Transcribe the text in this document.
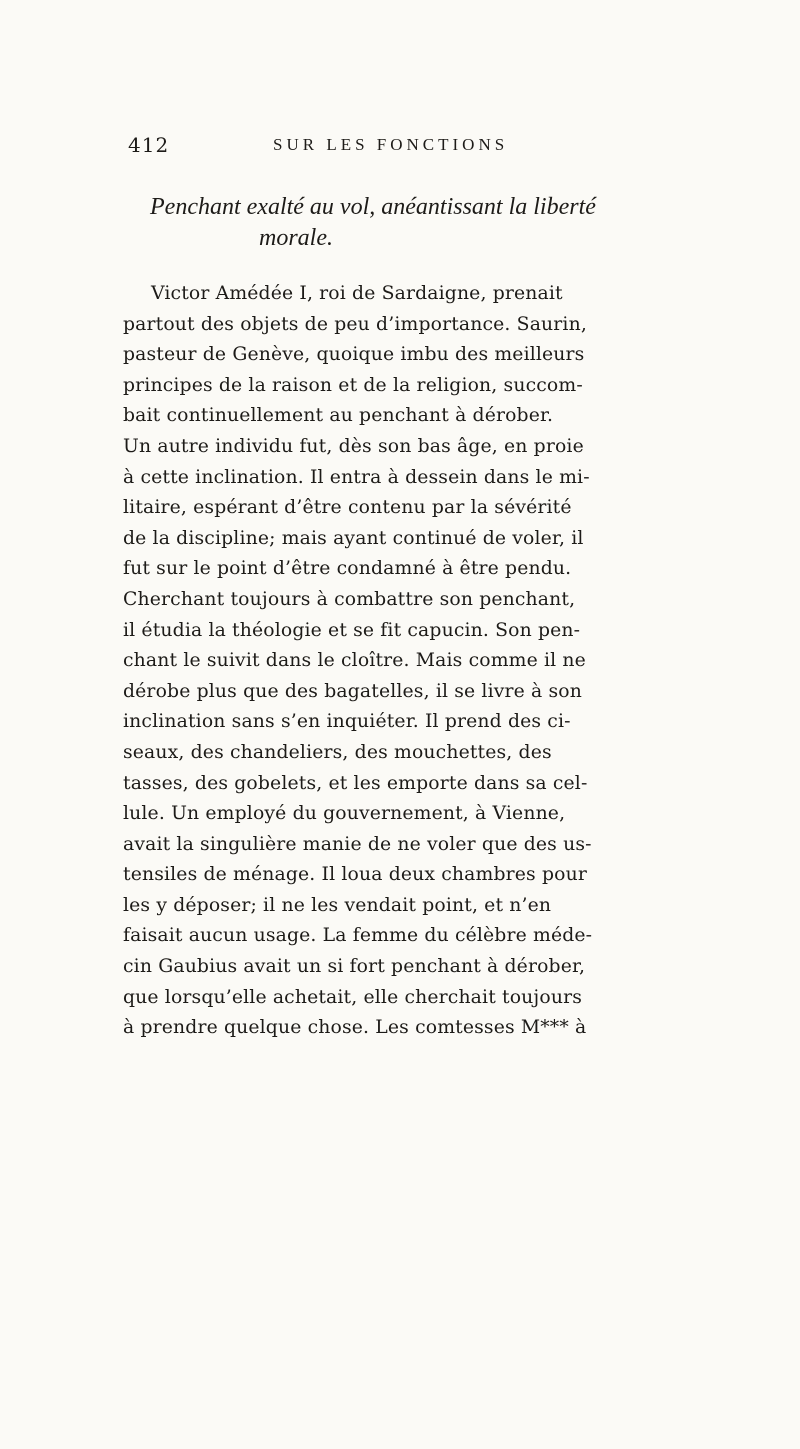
412	SUR LES FONCTIONS
Penchant exalté au vol, anéantissant la liberté
morale.
Victor Amédée I, roi de Sardaigne, prenait
partout des objets de peu d’importance. Saurin,
pasteur de Genève, quoique imbu des meilleurs
principes de la raison et de la religion, succom-
bait continuellement au penchant à dérober.
Un autre individu fut, dès son bas âge, en proie
à cette inclination. Il entra à dessein dans le mi-
litaire, espérant d’être contenu par la sévérité
de la discipline; mais ayant continué de voler, il
fut sur le point d’être condamné à être pendu.
Cherchant toujours à combattre son penchant,
il étudia la théologie et se fit capucin. Son pen-
chant le suivit dans le cloître. Mais comme il ne
dérobe plus que des bagatelles, il se livre à son
inclination sans s’en inquiéter. Il prend des ci-
seaux, des chandeliers, des mouchettes, des
tasses, des gobelets, et les emporte dans sa cel-
lule. Un employé du gouvernement, à Vienne,
avait la singulière manie de ne voler que des us-
tensiles de ménage. Il loua deux chambres pour
les y déposer; il ne les vendait point, et n’en
faisait aucun usage. La femme du célèbre méde-
cin Gaubius avait un si fort penchant à dérober,
que lorsqu’elle achetait, elle cherchait toujours
à prendre quelque chose. Les comtesses M*** à
